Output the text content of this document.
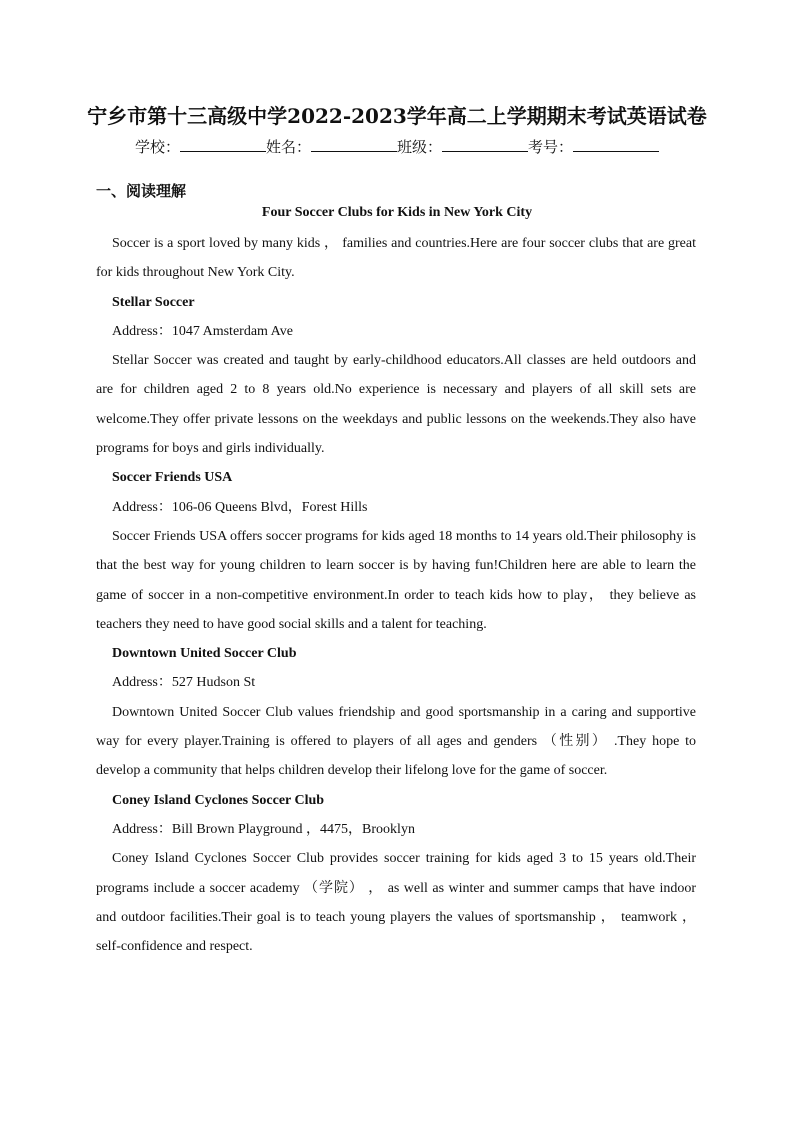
宁乡市第十三高级中学2022-2023学年高二上学期期末考试英语试卷
学校：	姓名：	班级：	考号：
一、阅读理解
Four Soccer Clubs for Kids in New York City

Soccer is a sport loved by many kids ， families and countries.Here are four soccer clubs that are great for kids throughout New York City.

Stellar Soccer

Address：1047 Amsterdam Ave

Stellar Soccer was created and taught by early-childhood educators.All classes are held outdoors and are for children aged 2 to 8 years old.No experience is necessary and players of all skill sets are welcome.They offer private lessons on the weekdays and public lessons on the weekends.They also have programs for boys and girls individually.

Soccer Friends USA

Address：106-06 Queens Blvd，Forest Hills

Soccer Friends USA offers soccer programs for kids aged 18 months to 14 years old.Their philosophy is that the best way for young children to learn soccer is by having fun!Children here are able to learn the game of soccer in a non-competitive environment.In order to teach kids how to play， they believe as teachers they need to have good social skills and a talent for teaching.

Downtown United Soccer Club

Address：527 Hudson St

Downtown United Soccer Club values friendship and good sportsmanship in a caring and supportive way for every player.Training is offered to players of all ages and genders （性别） .They hope to develop a community that helps children develop their lifelong love for the game of soccer.

Coney Island Cyclones Soccer Club

Address：Bill Brown Playground ，4475，Brooklyn

Coney Island Cyclones Soccer Club provides soccer training for kids aged 3 to 15 years old.Their programs include a soccer academy （学院） ， as well as winter and summer camps that have indoor and outdoor facilities.Their goal is to teach young players the values of sportsmanship ， teamwork ， self-confidence and respect.
